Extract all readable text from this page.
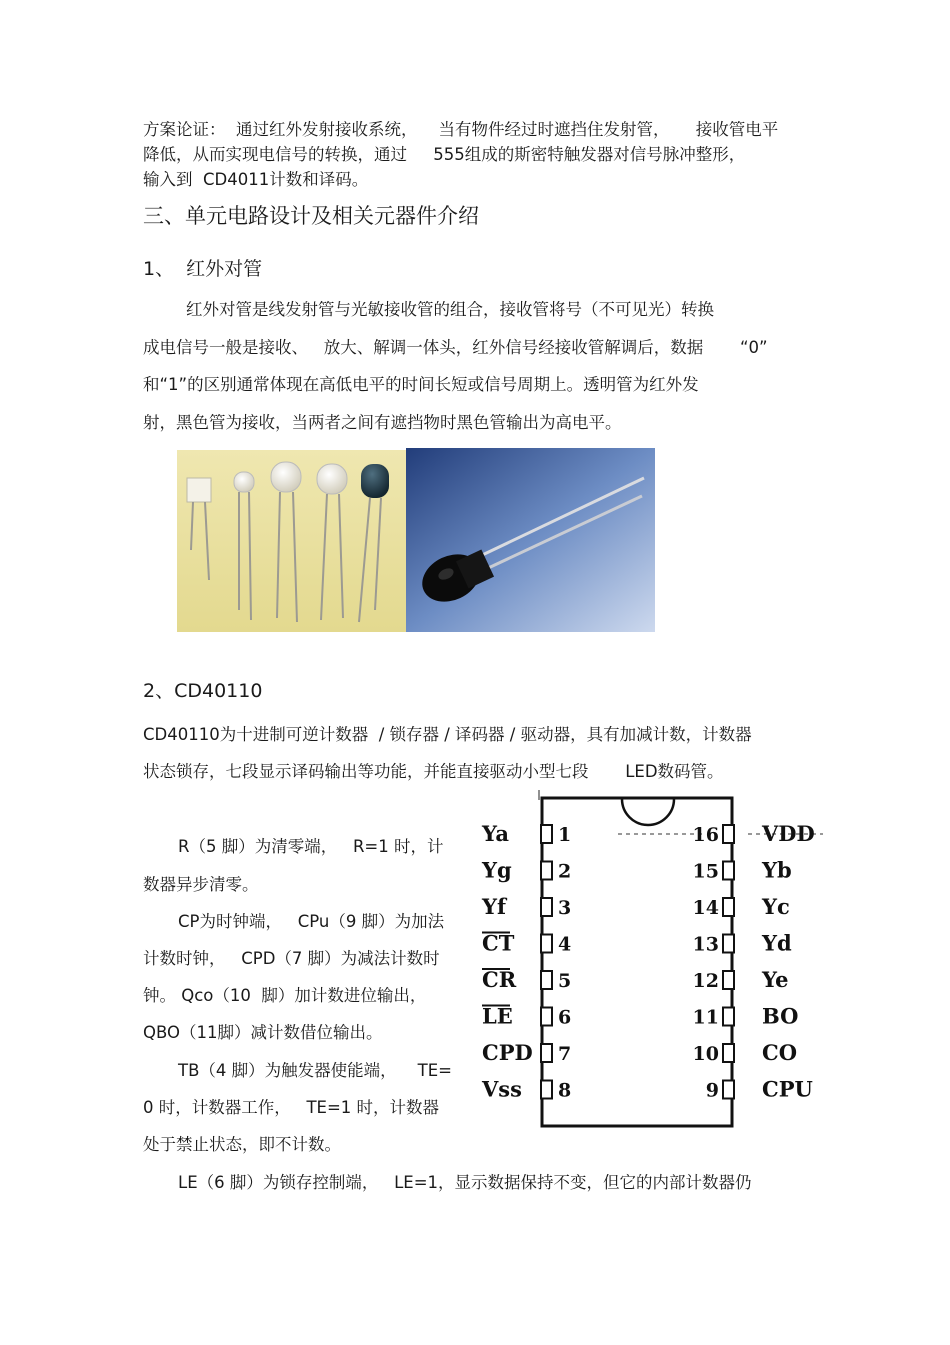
方案论证：  通过红外发射接收系统，    当有物件经过时遮挡住发射管，     接收管电平
降低，从而实现电信号的转换，通过     555组成的斯密特触发器对信号脉冲整形，
输入到  CD4011计数和译码。
三、单元电路设计及相关元器件介绍
1、  红外对管
红外对管是线发射管与光敏接收管的组合，接收管将号（不可见光）转换
成电信号一般是接收、   放大、解调一体头，红外信号经接收管解调后，数据       “0”
和“1”的区别通常体现在高低电平的时间长短或信号周期上。透明管为红外发
射，黑色管为接收，当两者之间有遮挡物时黑色管输出为高电平。
2、CD40110
CD40110为十进制可逆计数器  / 锁存器 / 译码器 / 驱动器，具有加减计数，计数器
状态锁存，七段显示译码输出等功能，并能直接驱动小型七段       LED数码管。
R（5 脚）为清零端，   R=1 时，计
数器异步清零。
CP为时钟端，   CPu（9 脚）为加法
计数时钟，   CPD（7 脚）为减法计数时
钟。 Qco（10  脚）加计数进位输出，
QBO（11脚）减计数借位输出。
TB（4 脚）为触发器使能端，    TE=
0 时，计数器工作，   TE=1 时，计数器
处于禁止状态，即不计数。
LE（6 脚）为锁存控制端，   LE=1，显示数据保持不变，但它的内部计数器仍
Ya	1
Yg 2
Yf	3
CT 4
CR 5
LE 6
CPD 7
Vss 8
16 VDD
15 Yb
14 Yc
13 Yd
12 Ye
11 BO
10 CO
9 CPU
